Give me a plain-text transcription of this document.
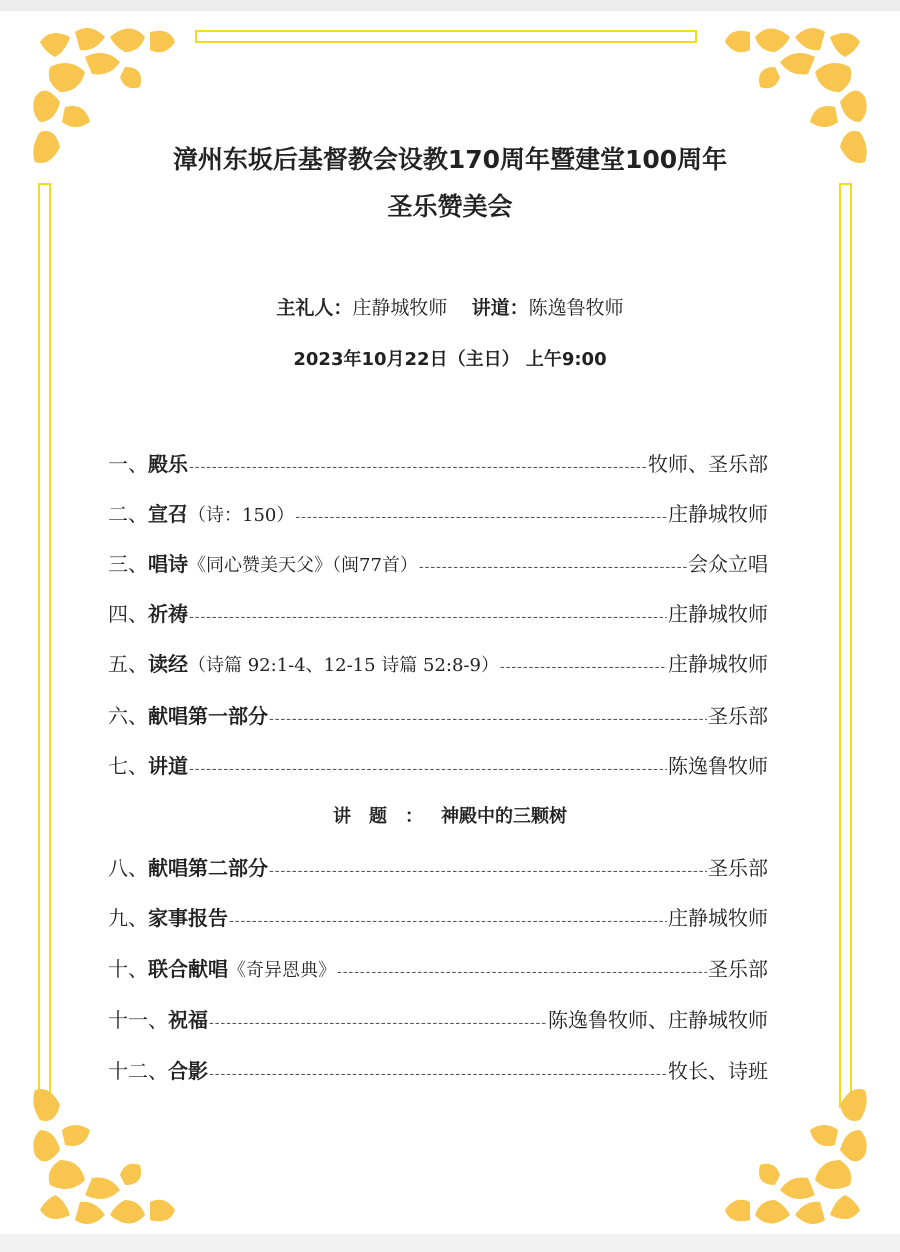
漳州东坂后基督教会设教170周年暨建堂100周年
圣乐赞美会
主礼人：庄静城牧师 讲道：陈逸鲁牧师
2023年10月22日（主日） 上午9:00
一、 殿乐 -----	牧师、圣乐部
二、 宣召 （诗：150） -----	庄静城牧师
三、 唱诗 《同心赞美天父》（闽77首） -----	会众立唱
四、 祈祷 -----	庄静城牧师
五、 读经 （诗篇 92:1-4、12-15 诗篇 52:8-9） -----	庄静城牧师
六、 献唱第一部分 -----	圣乐部
七、 讲道 -----	陈逸鲁牧师
八、 献唱第二部分 -----	圣乐部
九、 家事报告 -----	庄静城牧师
十、 联合献唱 《奇异恩典》 -----	圣乐部
十一、 祝福 -----	陈逸鲁牧师、庄静城牧师
十二、 合影 -----	牧长、诗班
讲题：神殿中的三颗树
